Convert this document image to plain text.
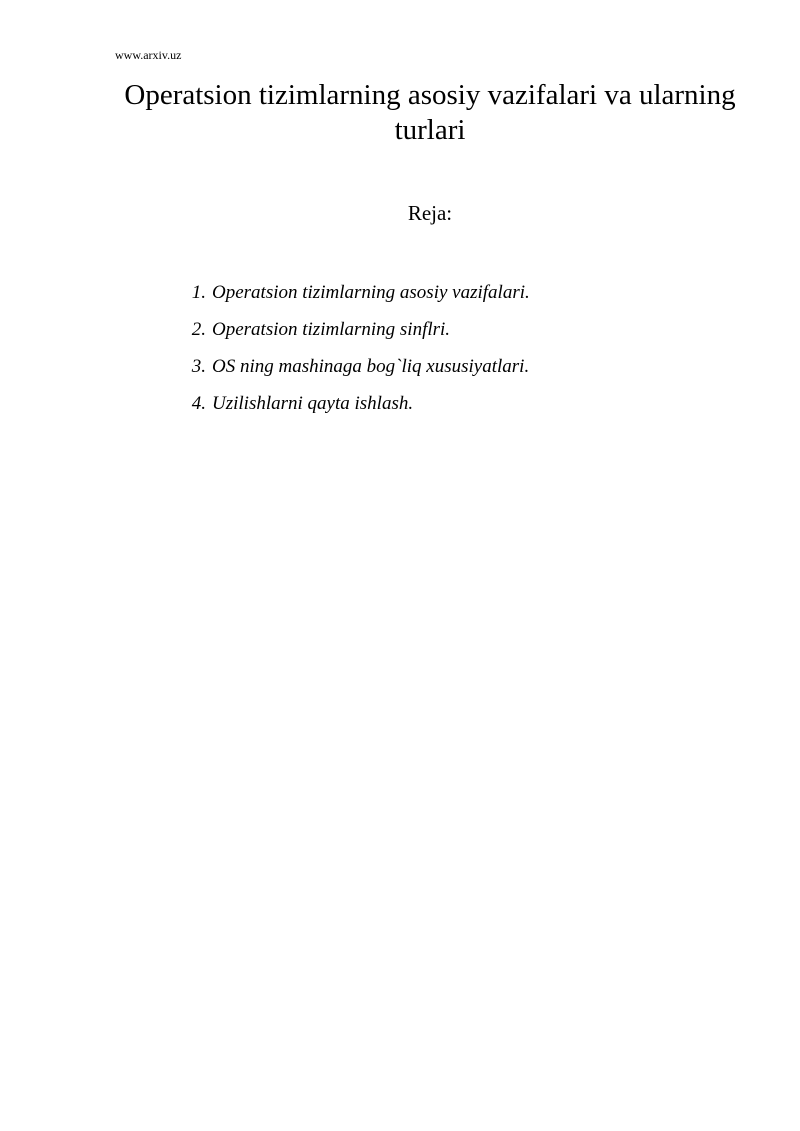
www.arxiv.uz
Operatsion tizimlarning asosiy vazifalari va ularning turlari
Reja:
1. Operatsion tizimlarning asosiy vazifalari.
2. Operatsion tizimlarning sinflri.
3. OS ning mashinaga bog`liq xususiyatlari.
4. Uzilishlarni qayta ishlash.
